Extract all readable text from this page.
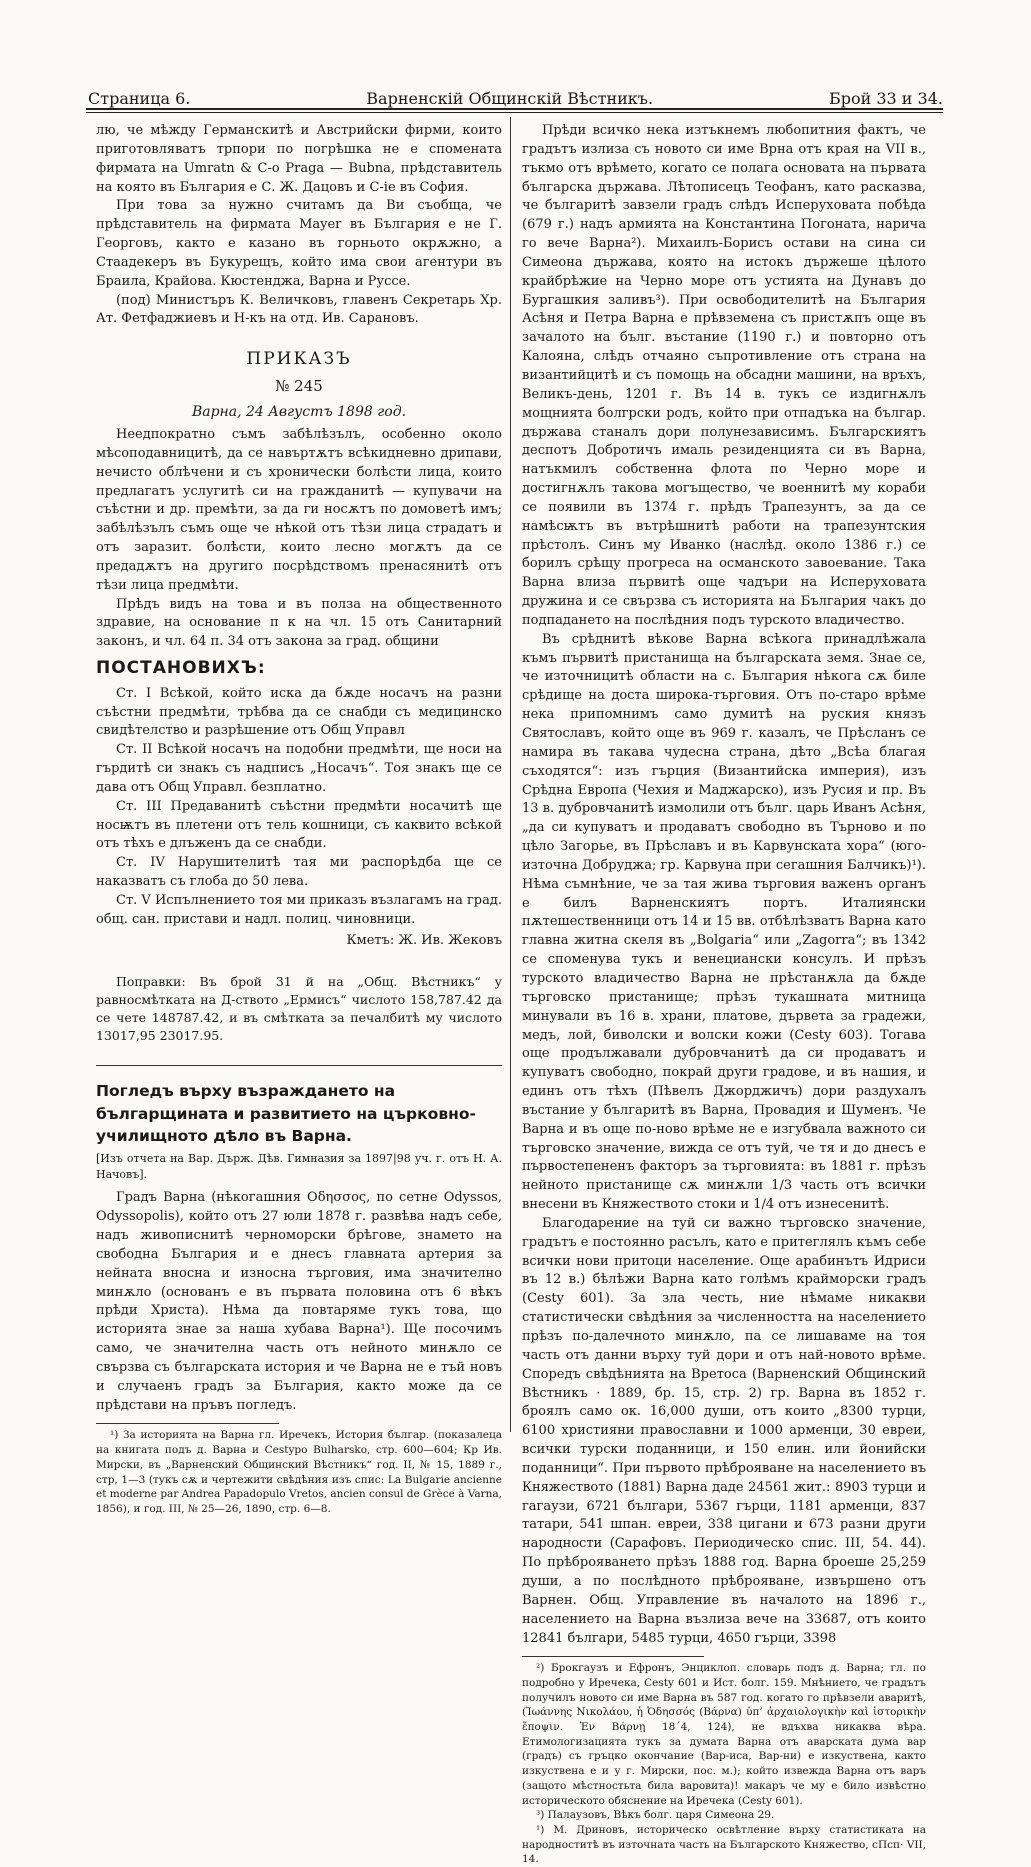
Страница 6.	Варненскiй Общинскiй Вѣстникъ.	Брой 33 и 34.

лю, че мѣжду Германскитѣ и Австрийски фирми, които приготовляватъ трпори по погрѣшка не е спомената фирмата на Umratn & C-o Praga — Bubna, прѣдставитель на която въ България е С. Ж. Дацовъ и С-ie въ София.

При това за нужно считамъ да Ви съобща, че прѣдставитель на фирмата Mayer въ България е не Г. Георговъ, както е казано въ горньото окрѫжно, а Стаадекеръ въ Букурещъ, който има свои агентури въ Браила, Крайова. Кюстенджа, Варна и Руссе.

(под) Министъръ К. Величковъ, главенъ Секретарь Хр. Ат. Фетфаджиевъ и Н-къ на отд. Ив. Сарановъ.

ПРИКАЗЪ
№ 245
Варна, 24 Августъ 1898 год.

Неедпократно съмъ забѣлѣзълъ, особенно около мѣсоподавницитѣ, да се навъртѫтъ всѣкидневно дрипави, нечисто облѣчени и съ хронически болѣсти лица, които предлагатъ услугитѣ си на гражданитѣ — купувачи на съѣстни и др. премѣти, за да ги носѫтъ по домоветѣ имъ; забѣлѣзълъ съмъ още че нѣкой отъ тѣзи лица страдатъ и отъ заразит. болѣсти, които лесно могѫтъ да се предадѫтъ на другиго посрѣдствомъ пренасянитѣ отъ тѣзи лица предмѣти.

Прѣдъ видъ на това и въ полза на общественното здравие, на основание п к на чл. 15 отъ Санитарний законъ, и чл. 64 п. 34 отъ закона за град. общини

ПОСТАНОВИХЪ:

Ст. I Всѣкой, който иска да бѫде носачъ на разни съѣстни предмѣти, трѣбва да се снабди съ медицинско свидѣтелство и разрѣшение отъ Общ Управл

Ст. II Всѣкой носачъ на подобни предмѣти, ще носи на гърдитѣ си знакъ съ надписъ „Носачъ“. Тоя знакъ ще се дава отъ Общ Управл. безплатно.

Ст. III Предаванитѣ съѣстни предмѣти носачитѣ ще носѭтъ въ плетени отъ тель кошници, съ каквито всѣкой отъ тѣхъ е длъженъ да се снабди.

Ст. IV Нарушителитѣ тая ми распорѣдба ще се наказватъ съ глоба до 50 лева.

Ст. V Испълнението тоя ми приказъ възлагамъ на град. общ. сан. пристави и надл. полиц. чиновници.

Кметъ: Ж. Ив. Жековъ

Поправки: Въ брой 31 й на „Общ. Вѣстникъ“ у равносмѣтката на Д-ството „Ермисъ“ числото 158,787.42 да се чете 148787.42, и въ смѣтката за печалбитѣ му числото 13017,95 23017.95.

Погледъ върху възраждането на българщината и развитието на църковно-училищното дѣло въ Варна.
[Изъ отчета на Вар. Държ. Дѣв. Гимназия за 1897|98 уч. г. отъ Н. А. Начовъ].

Градъ Варна (нѣкогашния Οδησσος, по сетне Odyssos, Odyssopolis), който отъ 27 юли 1878 г. развѣва надъ себе, надъ живописнитѣ черноморски брѣгове, знамето на свободна България и е днесъ главната артерия за нейната вносна и износна търговия, има значително минѫло (основанъ е въ първата половина отъ 6 вѣкъ прѣди Христа). Нѣма да повтаряме тукъ това, що историята знае за наша хубава Варна¹). Щe посочимъ само, че значителна часть отъ нейното минѫло се свързва съ българската история и че Варна не е тъй новъ и случаенъ градъ за България, както може да се прѣдстави на пръвъ погледъ.

¹) За историята на Варна гл. Иречекъ, История българ. (показалеца на книгата подъ д. Варна и Cestyро Bulharsko, стр. 600—604; Кр Ив. Мирски, въ „Варненский Общинский Вѣстникъ“ год. II, № 15, 1889 г., стр, 1—3 (тукъ сѫ и чертежити свѣдѣния изъ спис: La Bulgarie ancienne et moderne par Andrea Papadopulo Vretos, ancien consul de Grèce à Varna, 1856), и год. III, № 25—26, 1890, стр. 6—8.

Прѣди всичко нека изтъкнемъ любопитния фактъ, че градътъ излиза съ новото си име Врна отъ края на VII в., тъкмо отъ врѣмето, когато се полага основата на първата българска държава. Лѣтописецъ Теофанъ, като расказва, че българитѣ завзели градъ слѣдъ Исперуховата побѣда (679 г.) надъ армията на Константина Погоната, нарича го вече Варна²). Михаилъ-Борисъ остави на сина си Симеона държава, която на истокъ държеше цѣлото крайбрѣжие на Черно море отъ устията на Дунавъ до Бургашкия заливъ³). При освободителитѣ на България Асѣня и Петра Варна е прѣвземена съ пристѫпъ още въ зачалото на бълг. въстание (1190 г.) и повторно отъ Калояна, слѣдъ отчаяно съпротивление отъ страна на византийцитѣ и съ помощь на обсадни машини, на връхъ, Великъ-день, 1201 г. Въ 14 в. тукъ се издигнѫлъ мощнията болгрски родъ, който при отпадъка на българ. държава станалъ дори полунезависимъ. Българскиятъ деспотъ Добротичъ ималь резиденцията си въ Варна, натъкмилъ собственна флота по Черно море и достигнѫлъ такова могъщество, че военнитѣ му кораби се появили въ 1374 г. прѣдъ Трапезунтъ, за да се намѣсѭтъ въ вътрѣшнитѣ работи на трапезунтския прѣстолъ. Синъ му Иванко (наслѣд. около 1386 г.) се борилъ срѣщу прогреса на османското завоевание. Така Варна влиза първитѣ още чадъри на Исперуховата дружина и се свързва съ историята на България чакъ до подпадането на послѣдния подъ турското владичество.

Въ срѣднитѣ вѣкове Варна всѣкога принадлѣжала къмъ първитѣ пристанища на българската земя. Знае се, че източницитѣ области на с. България нѣкога сѫ биле срѣдище на доста широка-търговия. Отъ по-старо врѣме нека припомнимъ само думитѣ на руския князъ Святославъ, който още въ 969 г. казалъ, че Прѣсланъ се намира въ такава чудесна страна, дѣто „Всѣа благая съходятся“: изъ гърция (Византийска империя), изъ Срѣдна Европа (Чехия и Маджарско), изъ Русия и пр. Въ 13 в. дубровчанитѣ измолили отъ бълг. царь Иванъ Асѣня, „да си купуватъ и продаватъ свободно въ Търново и по цѣло Загорье, въ Прѣславъ и въ Карвунската хора“ (юго-източна Добруджа; гр. Карвуна при сегашния Балчикъ)¹). Нѣма съмнѣние, че за тая жива търговия важенъ органъ е билъ Варненскиятъ портъ. Италиянски пѫтешественници отъ 14 и 15 вв. отбѣлѣзватъ Варна като главна житна скеля въ „Bolgaria“ или „Zagorra“; въ 1342 се споменува тукъ и венециански консулъ. И прѣзъ турското владичество Варна не прѣстанѫла да бѫде търговско пристанище; прѣзъ тукашната митница минували въ 16 в. храни, платове, дървета за градежи, медъ, лой, биволски и волски кожи (Cesty 603). Тогава още продължавали дубровчанитѣ да си продаватъ и купуватъ свободно, покрай други градове, и въ нашия, и единъ отъ тѣхъ (Пѣвелъ Джорджичъ) дори раздухалъ въстание у българитѣ въ Варна, Провадия и Шуменъ. Че Варна и въ още по-ново врѣме не е изгубвала важното си търговско значение, виждa се отъ туй, че тя и до днесъ е първостепененъ факторъ за търговията: въ 1881 г. прѣзъ нейното пристанище сѫ минѫли 1/3 часть отъ всички внесени въ Княжеството стоки и 1/4 отъ изнесенитѣ.

Благодарение на туй си важно търговско значение, градътъ е постоянно расълъ, като е притеглялъ къмъ себе всички нови притоци население. Още арабинътъ Идриси въ 12 в.) бѣлѣжи Варна като голѣмъ крайморски градъ (Cesty 601). За зла честь, ние нѣмаме никакви статистически свѣдѣния за численността на населението прѣзъ по-далечното минѫло, па се лишаваме на тоя часть отъ данни върху туй дори и отъ най-новото врѣме. Споредъ свѣдѣнията на Вретоса (Варненский Общинский Вѣстникъ · 1889, бр. 15, стр. 2) гр. Варна въ 1852 г. броялъ само ок. 16,000 души, отъ които „8300 турци, 6100 християни православни и 1000 арменци, 30 евреи, всички турски поданници, и 150 елин. или йонийски поданници“. При първото прѣброяване на населението въ Княжеството (1881) Варна даде 24561 жит.: 8903 турци и гагаузи, 6721 българи, 5367 гърци, 1181 арменци, 837 татари, 541 шпан. евреи, 338 цигани и 673 разни други народности (Сарафовъ. Периодическо спис. III, 54. 44). По прѣброяването прѣзъ 1888 год. Варна броеше 25,259 души, а по послѣдното прѣброяване, извършено отъ Варнен. Общ. Управление въ началото на 1896 г., населението на Варна възлизa вече на 33687, отъ които 12841 българи, 5485 турци, 4650 гърци, 3398

²) Брокгаузъ и Ефронъ, Энциклоп. словарь подъ д. Варна; гл. по подробно у Иречека, Cesty 601 и Ист. болг. 159. Мнѣнието, че градътъ получилъ новото си име Варна въ 587 год. когато го прѣвзели аваритѣ, (Ἰωάννης Νικολάου, ἡ Ὀδησσός (Βάρνα) ὑπ’ ἀρχαιολογικὴν καὶ ἱστορικὴν ἔποψιν. Ἐν Βάρνῃ 18΄4, 124), не вдъхва никаква вѣра. Етимологизацията тукъ за думата Варна отъ аварската дума вар (градъ) съ гръцко окончание (Вар-иса, Вар-ни) е изкуственa, както изкуствена е и у г. Мирски, пос. м.); който извежда Варна отъ варъ (защото мѣстностьта била варовита)! макаръ че му е било извѣстно историческото обяснение на Иречека (Cesty 601).

³) Палаузовъ, Вѣкъ болг. царя Симеона 29.

¹) М. Дриновъ, историческо освѣтление върху статистиката на народноститѣ въ източната часть на Българското Княжество, сПсп· VII, 14.
